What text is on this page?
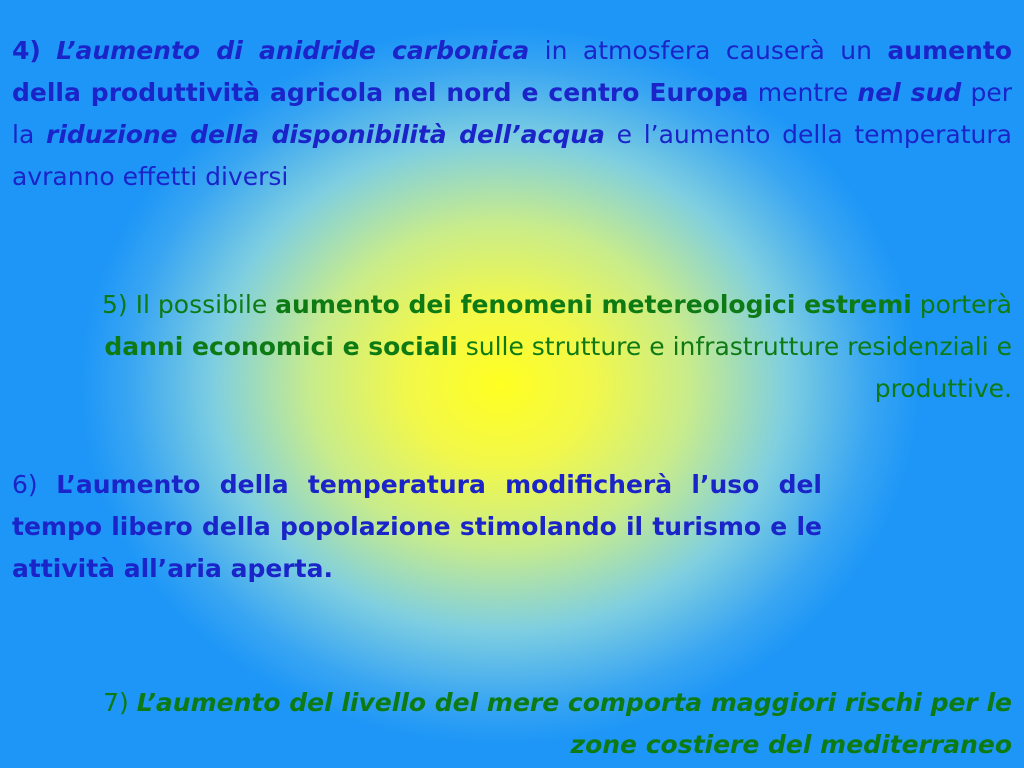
4) L’aumento di anidride carbonica in atmosfera causerà un aumento della produttività agricola nel nord e centro Europa mentre nel sud per la riduzione della disponibilità dell’acqua e l’aumento della temperatura avranno effetti diversi

5) Il possibile aumento dei fenomeni metereologici estremi porterà danni economici e sociali sulle strutture e infrastrutture residenziali e produttive.

6) L’aumento della temperatura modificherà l’uso del tempo libero della popolazione stimolando il turismo e le attività all’aria aperta.

7) L’aumento del livello del mere comporta maggiori rischi per le zone costiere del mediterraneo
